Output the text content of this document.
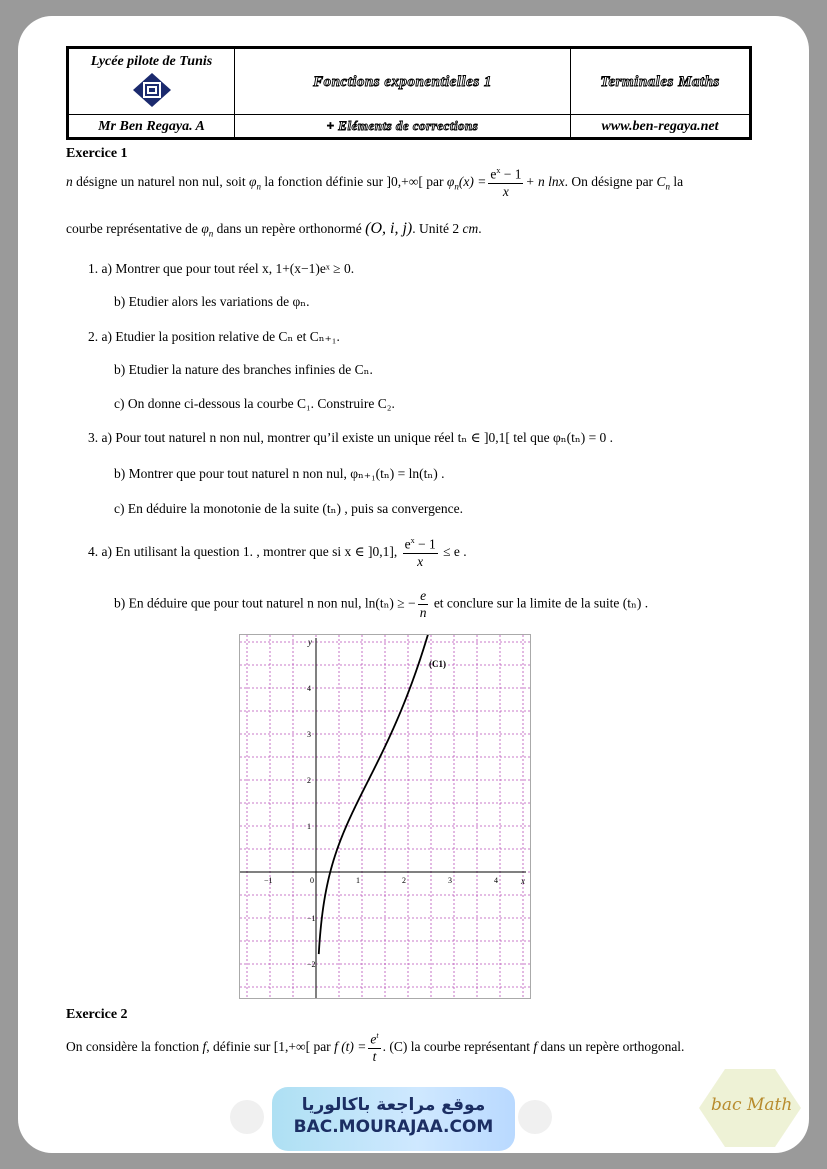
Lycée pilote de Tunis	Fonctions exponentielles 1	Terminales Maths
Mr Ben Regaya. A	+ Eléments de corrections	www.ben-regaya.net
Exercice 1
n désigne un naturel non nul, soit $\varphi_n$ la fonction définie sur ]0,+∞[ par $\varphi_n(x) = \frac{e^x - 1}{x} + n$ lnx. On désigne par $C_n$ la
courbe représentative de $\varphi_n$ dans un repère orthonormé (O, i, j). Unité 2 cm.
1. a) Montrer que pour tout réel x, 1+(x−1)eˣ ≥ 0.
b) Etudier alors les variations de φₙ.
2. a) Etudier la position relative de Cₙ et Cₙ₊₁.
b) Etudier la nature des branches infinies de Cₙ.
c) On donne ci-dessous la courbe C₁. Construire C₂.
3. a) Pour tout naturel n non nul, montrer qu’il existe un unique réel tₙ ∈ ]0,1[ tel que φₙ(tₙ) = 0 .
b) Montrer que pour tout naturel n non nul, φₙ₊₁(tₙ) = ln(tₙ) .
c) En déduire la monotonie de la suite (tₙ) , puis sa convergence.
4. a) En utilisant la question 1. , montrer que si x ∈ ]0,1], $\frac{e^x - 1}{x} \le e$ .
b) En déduire que pour tout naturel n non nul, ln(tₙ) ≥ − $\frac{e}{n}$ et conclure sur la limite de la suite (tₙ) .
−1	0	1	2	3	4
4
3
2
1
−1
−2
x
y
(C1)
Exercice 2
On considère la fonction f, définie sur [1,+∞[ par f $(t) = \frac{e^t}{t}$ . (C) la courbe représentant f dans un repère orthogonal.
موقع مراجعة باكالوريا
BAC.MOURAJAA.COM
bac Math
